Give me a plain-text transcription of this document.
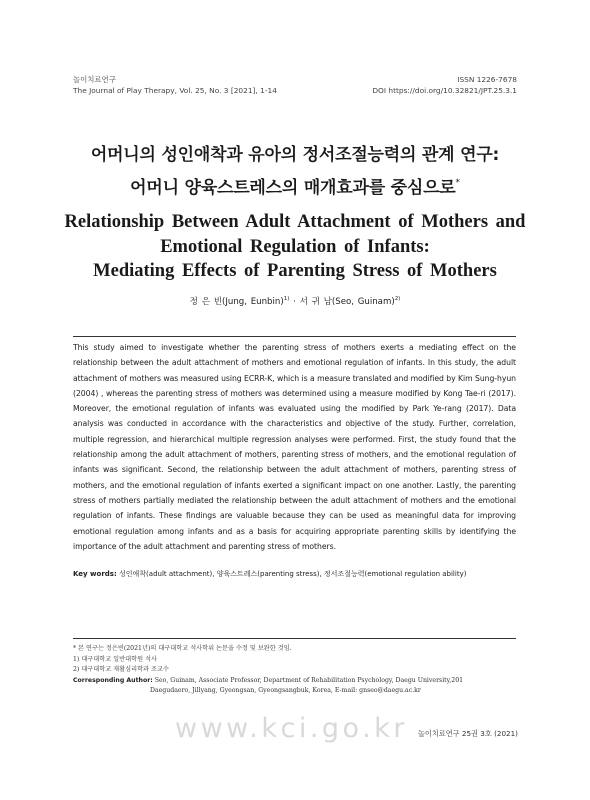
놀이치료연구
The Journal of Play Therapy, Vol. 25, No. 3 [2021], 1-14
ISSN 1226-7678
DOI https://doi.org/10.32821/JPT.25.3.1
어머니의 성인애착과 유아의 정서조절능력의 관계 연구:
어머니 양육스트레스의 매개효과를 중심으로*
Relationship Between Adult Attachment of Mothers and
Emotional Regulation of Infants:
Mediating Effects of Parenting Stress of Mothers
정 은 빈(Jung, Eunbin)$^{1)}$ · 서 귀 남(Seo, Guinam)$^{2)}$
This study aimed to investigate whether the parenting stress of mothers exerts a mediating effect on the relationship between the adult attachment of mothers and emotional regulation of infants. In this study, the adult attachment of mothers was measured using ECRR-K, which is a measure translated and modified by Kim Sung-hyun (2004) , whereas the parenting stress of mothers was determined using a measure modified by Kong Tae-ri (2017). Moreover, the emotional regulation of infants was evaluated using the modified by Park Ye-rang (2017). Data analysis was conducted in accordance with the characteristics and objective of the study. Further, correlation, multiple regression, and hierarchical multiple regression analyses were performed. First, the study found that the relationship among the adult attachment of mothers, parenting stress of mothers, and the emotional regulation of infants was significant. Second, the relationship between the adult attachment of mothers, parenting stress of mothers, and the emotional regulation of infants exerted a significant impact on one another. Lastly, the parenting stress of mothers partially mediated the relationship between the adult attachment of mothers and the emotional regulation of infants. These findings are valuable because they can be used as meaningful data for improving emotional regulation among infants and as a basis for acquiring appropriate parenting skills by identifying the importance of the adult attachment and parenting stress of mothers.
Key words: 성인애착(adult attachment), 양육스트레스(parenting stress), 정서조절능력(emotional regulation ability)
* 본 연구는 정은빈(2021년)의 대구대학교 석사학위 논문을 수정 및 보완한 것임.
1) 대구대학교 일반대학원 석사
2) 대구대학교 재활심리학과 조교수
Corresponding Author: Seo, Guinam, Associate Professor, Department of Rehabilitation Psychology, Daegu University,201
Daegudaero, Jillyang, Gyeongsan, Gyeongsangbuk, Korea, E-mail: gnseo@daegu.ac.kr
www.kci.go.kr 놀이치료연구 25권 3호 (2021)
